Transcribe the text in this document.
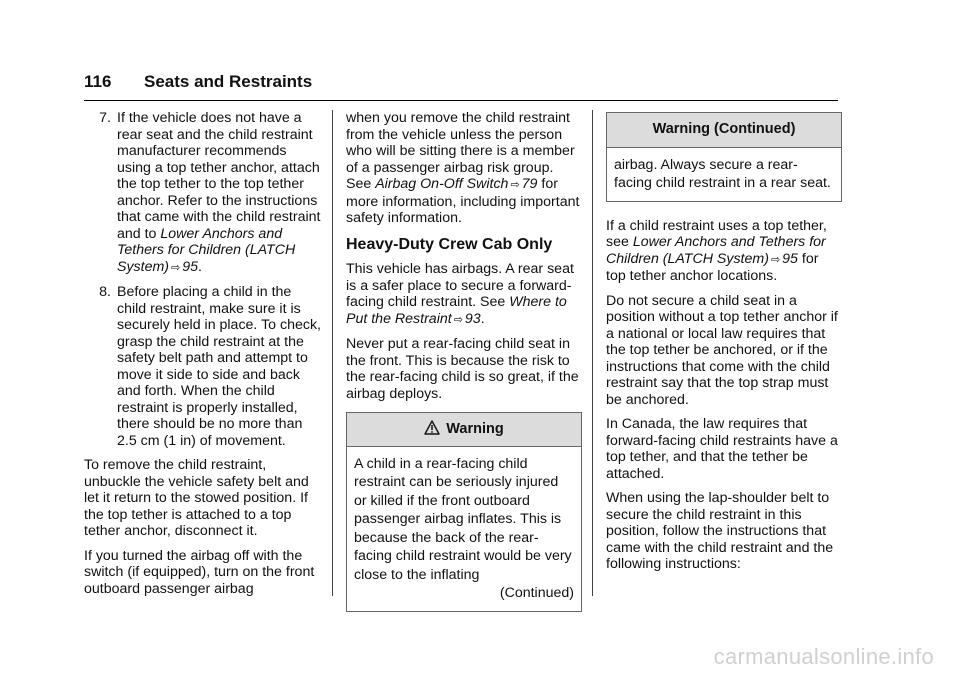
116 Seats and Restraints
7. If the vehicle does not have a rear seat and the child restraint manufacturer recommends using a top tether anchor, attach the top tether to the top tether anchor. Refer to the instructions that came with the child restraint and to Lower Anchors and Tethers for Children (LATCH System) ⇨ 95.
8. Before placing a child in the child restraint, make sure it is securely held in place. To check, grasp the child restraint at the safety belt path and attempt to move it side to side and back and forth. When the child restraint is properly installed, there should be no more than 2.5 cm (1 in) of movement.

To remove the child restraint, unbuckle the vehicle safety belt and let it return to the stowed position. If the top tether is attached to a top tether anchor, disconnect it.

If you turned the airbag off with the switch (if equipped), turn on the front outboard passenger airbag

when you remove the child restraint from the vehicle unless the person who will be sitting there is a member of a passenger airbag risk group. See Airbag On-Off Switch ⇨ 79 for more information, including important safety information.

Heavy-Duty Crew Cab Only

This vehicle has airbags. A rear seat is a safer place to secure a forward-facing child restraint. See Where to Put the Restraint ⇨ 93.

Never put a rear-facing child seat in the front. This is because the risk to the rear-facing child is so great, if the airbag deploys.

Warning
A child in a rear-facing child restraint can be seriously injured or killed if the front outboard passenger airbag inflates. This is because the back of the rear-facing child restraint would be very close to the inflating
(Continued)
Warning (Continued)
airbag. Always secure a rear-facing child restraint in a rear seat.

If a child restraint uses a top tether, see Lower Anchors and Tethers for Children (LATCH System) ⇨ 95 for top tether anchor locations.

Do not secure a child seat in a position without a top tether anchor if a national or local law requires that the top tether be anchored, or if the instructions that come with the child restraint say that the top strap must be anchored.

In Canada, the law requires that forward-facing child restraints have a top tether, and that the tether be attached.

When using the lap-shoulder belt to secure the child restraint in this position, follow the instructions that came with the child restraint and the following instructions:

carmanualsonline.info
